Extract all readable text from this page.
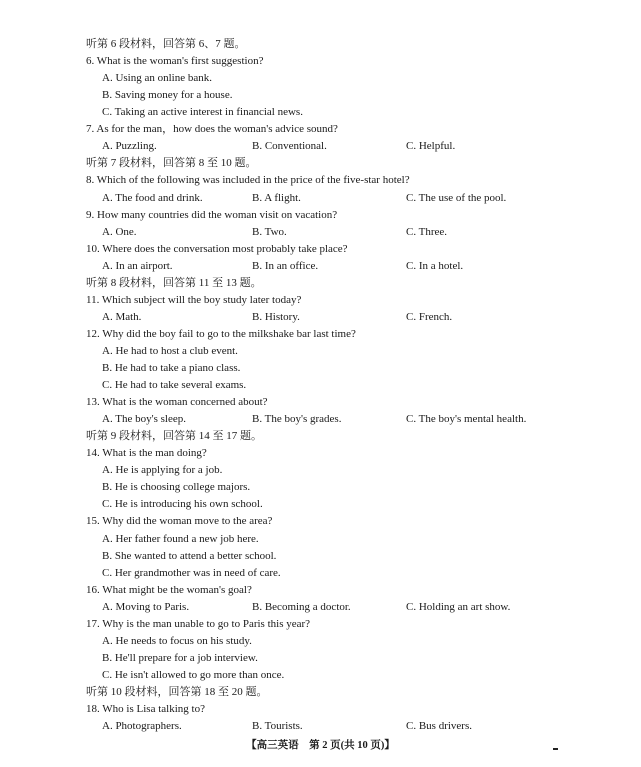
听第 6 段材料，回答第 6、7 题。
6. What is the woman's first suggestion?
A. Using an online bank.
B. Saving money for a house.
C. Taking an active interest in financial news.
7. As for the man，how does the woman's advice sound?
A. Puzzling.	B. Conventional.	C. Helpful.
听第 7 段材料，回答第 8 至 10 题。
8. Which of the following was included in the price of the five-star hotel?
A. The food and drink.	B. A flight.	C. The use of the pool.
9. How many countries did the woman visit on vacation?
A. One.	B. Two.	C. Three.
10. Where does the conversation most probably take place?
A. In an airport.	B. In an office.	C. In a hotel.
听第 8 段材料，回答第 11 至 13 题。
11. Which subject will the boy study later today?
A. Math.	B. History.	C. French.
12. Why did the boy fail to go to the milkshake bar last time?
A. He had to host a club event.
B. He had to take a piano class.
C. He had to take several exams.
13. What is the woman concerned about?
A. The boy's sleep.	B. The boy's grades.	C. The boy's mental health.
听第 9 段材料，回答第 14 至 17 题。
14. What is the man doing?
A. He is applying for a job.
B. He is choosing college majors.
C. He is introducing his own school.
15. Why did the woman move to the area?
A. Her father found a new job here.
B. She wanted to attend a better school.
C. Her grandmother was in need of care.
16. What might be the woman's goal?
A. Moving to Paris.	B. Becoming a doctor.	C. Holding an art show.
17. Why is the man unable to go to Paris this year?
A. He needs to focus on his study.
B. He'll prepare for a job interview.
C. He isn't allowed to go more than once.
听第 10 段材料，回答第 18 至 20 题。
18. Who is Lisa talking to?
A. Photographers.	B. Tourists.	C. Bus drivers.
【高三英语　第 2 页(共 10 页)】
